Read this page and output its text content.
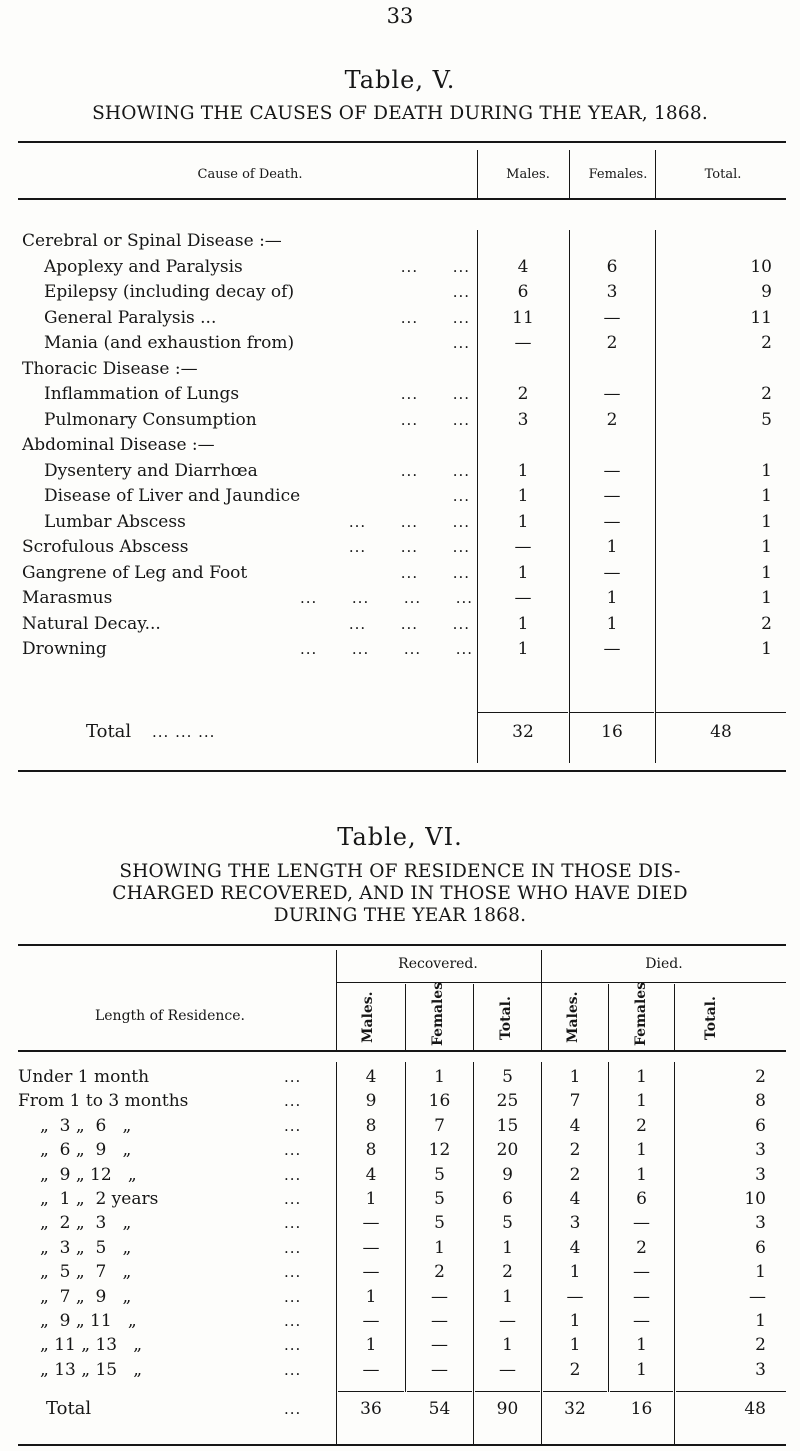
33
Table, V.
SHOWING THE CAUSES OF DEATH DURING THE YEAR, 1868.
Cause of Death.	Males.	Females.	Total.
Cerebral or Spinal Disease :—
Apoplexy and Paralysis	...      ...	4	6	10
Epilepsy (including decay of)	...	6	3	9
General Paralysis ...	...      ...	11	—	11
Mania (and exhaustion from)	...	—	2	2
Thoracic Disease :—
Inflammation of Lungs	...      ...	2	—	2
Pulmonary Consumption	...      ...	3	2	5
Abdominal Disease :—
Dysentery and Diarrhœa	...      ...	1	—	1
Disease of Liver and Jaundice	...	1	—	1
Lumbar Abscess	...      ...      ...	1	—	1
Scrofulous Abscess	...      ...      ...	—	1	1
Gangrene of Leg and Foot	...      ...	1	—	1
Marasmus	...      ...      ...      ...	—	1	1
Natural Decay...	...      ...      ...	1	1	2
Drowning	...      ...      ...      ...	1	—	1
Total ... ... ...	32	16	48
Table, VI.
SHOWING THE LENGTH OF RESIDENCE IN THOSE DIS-
CHARGED RECOVERED, AND IN THOSE WHO HAVE DIED
DURING THE YEAR 1868.
Length of Residence.
Recovered.	Died.
Males.	Females	Total.	Males.	Females	Total.
Under 1 month	...	4	1	5	1	1	2
From 1 to 3 months	...	9	16	25	7	1	8
„  3 „  6   „	...	8	7	15	4	2	6
„  6 „  9   „	...	8	12	20	2	1	3
„  9 „ 12   „	...	4	5	9	2	1	3
„  1 „  2 years	...	1	5	6	4	6	10
„  2 „  3   „	...	—	5	5	3	—	3
„  3 „  5   „	...	—	1	1	4	2	6
„  5 „  7   „	...	—	2	2	1	—	1
„  7 „  9   „	...	1	—	1	—	—	—
„  9 „ 11   „	...	—	—	—	1	—	1
„ 11 „ 13   „	...	1	—	1	1	1	2
„ 13 „ 15   „	...	—	—	—	2	1	3
Total	...	36	54	90	32	16	48
